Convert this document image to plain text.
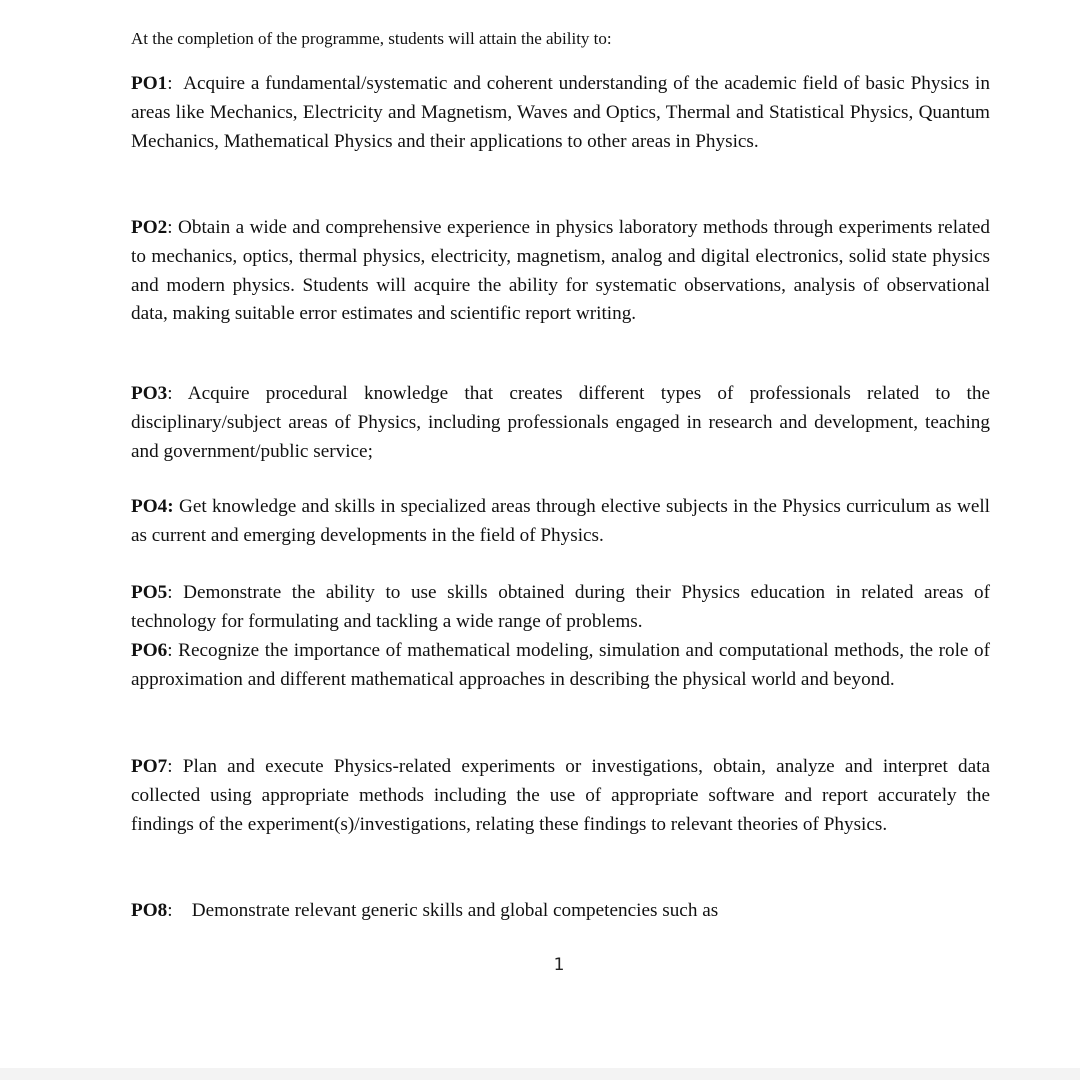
At the completion of the programme, students will attain the ability to:
PO1:  Acquire a fundamental/systematic and coherent understanding of the academic field of basic Physics in areas like Mechanics, Electricity and Magnetism, Waves and Optics, Thermal and Statistical Physics, Quantum Mechanics, Mathematical Physics and their applications to other areas in Physics.
PO2: Obtain a wide and comprehensive experience in physics laboratory methods through experiments related to mechanics, optics, thermal physics, electricity, magnetism, analog and digital electronics, solid state physics and modern physics. Students will acquire the ability for systematic observations, analysis of observational data, making suitable error estimates and scientific report writing.
PO3: Acquire procedural knowledge that creates different types of professionals related to the disciplinary/subject areas of Physics, including professionals engaged in research and development, teaching and government/public service;
PO4: Get knowledge and skills in specialized areas through elective subjects in the Physics curriculum as well as current and emerging developments in the field of Physics.
PO5: Demonstrate the ability to use skills obtained during their Physics education in related areas of technology for formulating and tackling a wide range of problems.
PO6: Recognize the importance of mathematical modeling, simulation and computational methods, the role of approximation and different mathematical approaches in describing the physical world and beyond.
PO7: Plan and execute Physics-related experiments or investigations, obtain, analyze and interpret data collected using appropriate methods including the use of appropriate software and report accurately the findings of the experiment(s)/investigations, relating these findings to relevant theories of Physics.
PO8:    Demonstrate relevant generic skills and global competencies such as
1
